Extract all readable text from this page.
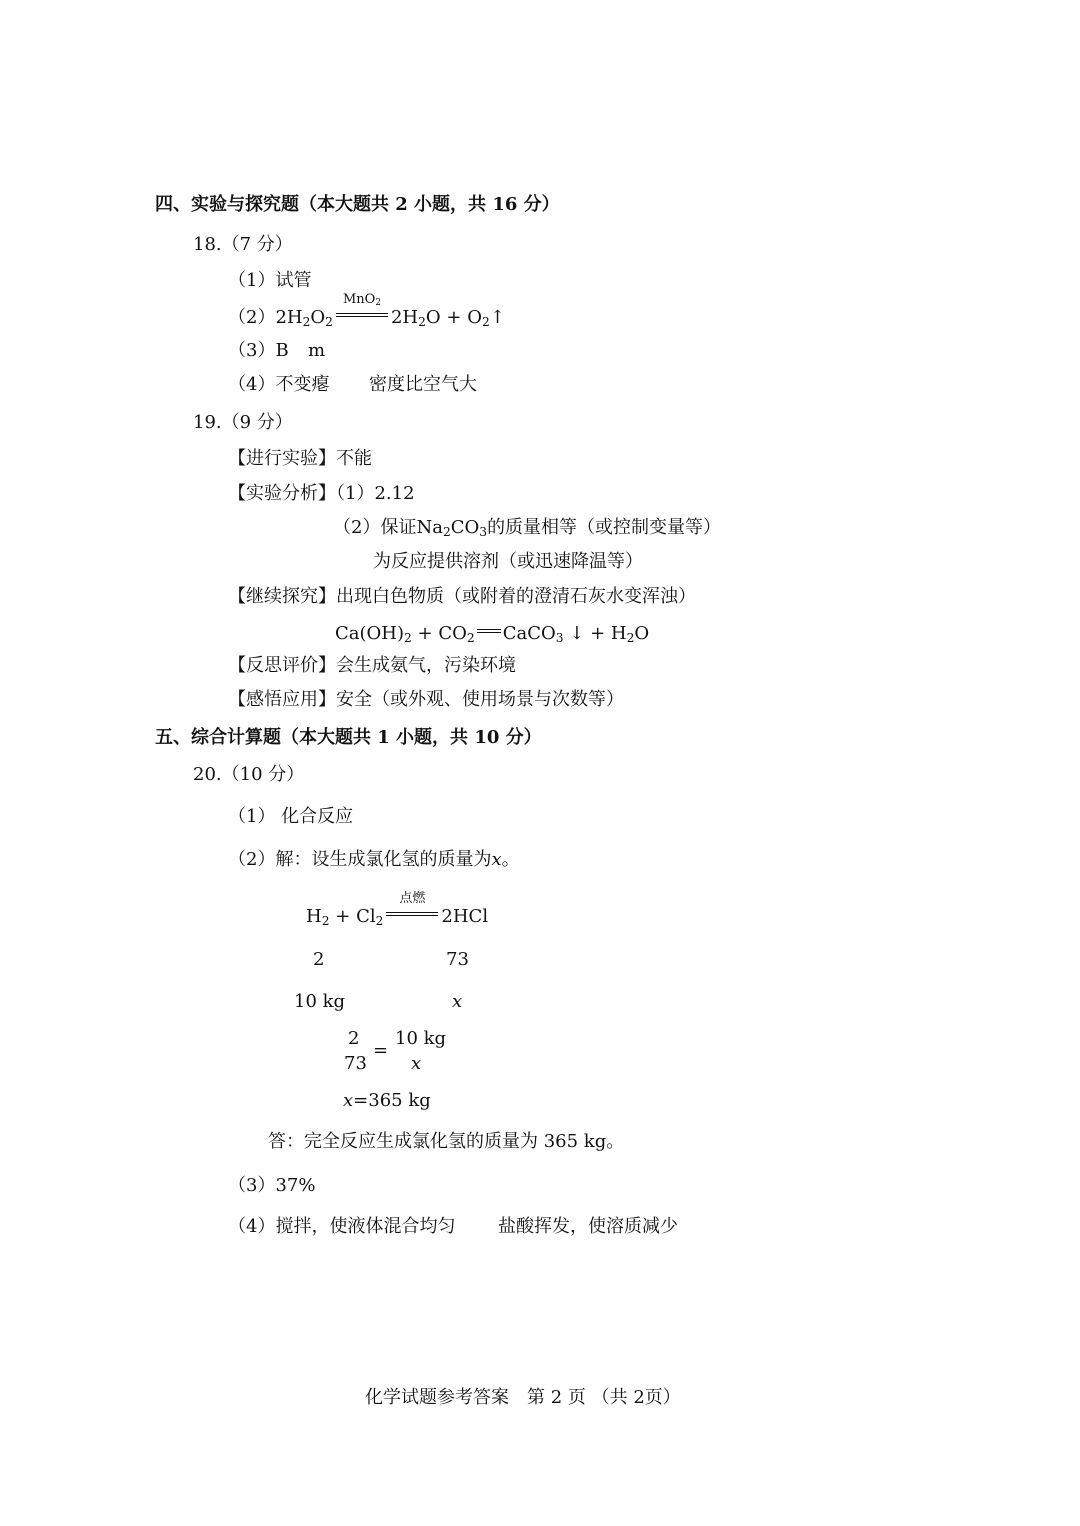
四、实验与探究题（本大题共 2 小题，共 16 分）
18.（7 分）
（1）试管
$(2)2H_2O_2$
MnO$_2$
$2H_2O$ + $O_2↑$
（3）B m
（4）不变瘪 密度比空气大
19.（9 分）
【进行实验】不能
【实验分析】（1）2.12
（2）保证$Na_2CO_3$的质量相等（或控制变量等）
为反应提供溶剂（或迅速降温等）
【继续探究】出现白色物质（或附着的澄清石灰水变浑浊）
$Ca(OH)_2 + CO_2$ CaCO$_3$ ↓ + $H_2O$
【反思评价】会生成氨气，污染环境
【感悟应用】安全（或外观、使用场景与次数等）
五、综合计算题（本大题共 1 小题，共 10 分）
20.（10 分）
（1） 化合反应
（2）解：设生成氯化氢的质量为x。
$H_2 + Cl_2$
点燃
2HCl
2	73
10 kg	x
2
73
=
10 kg
x
x=365 kg
答：完全反应生成氯化氢的质量为 365 kg。
（3）37%
（4）搅拌，使液体混合均匀 盐酸挥发，使溶质减少
化学试题参考答案　第 2 页 （共 2页）
